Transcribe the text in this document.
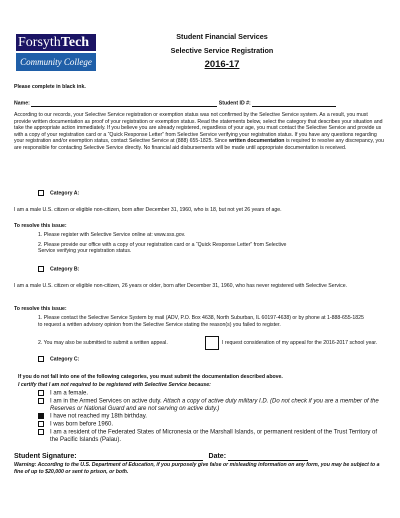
ForsythTech
Community College
Student Financial Services
Selective Service Registration
2016-17
Please complete in black ink.
Name:	Student ID #:
According to our records, your Selective Service registration or exemption status was not confirmed by the Selective Service system. As a result, you must provide written documentation as proof of your registration or exemption status. Read the statements below, select the category that describes your situation and take the appropriate action immediately. If you believe you are already registered, regardless of your age, you must contact the Selective Service and provide us with a copy of your registration card or a “Quick Response Letter” from Selective Service verifying your registration status. If you have any questions regarding your registration and/or exemption status, contact Selective Service at (888) 655-1825. Since written documentation is required to resolve any discrepancy, you are responsible for contacting Selective Service directly. No financial aid disbursements will be made until appropriate documentation is received.
Category A:
I am a male U.S. citizen or eligible non-citizen, born after December 31, 1960, who is 18, but not yet 26 years of age.
To resolve this issue:
1. Please register with Selective Service online at: www.sss.gov.
2. Please provide our office with a copy of your registration card or a “Quick Response Letter” from Selective
Service verifying your registration status.
Category B:
I am a male U.S. citizen or eligible non-citizen, 26 years or older, born after December 31, 1960, who has never registered with Selective Service.
To resolve this issue:
1. Please contact the Selective Service System by mail (ADV, P.O. Box 4638, North Suburban, IL 60197-4638) or by phone at 1-888-655-1825 to request a written advisory opinion from the Selective Service stating the reason(s) you failed to register.
2. You may also be submitted to submit a written appeal.	I request consideration of my appeal for the 2016-2017 school year.
Category C:
If you do not fall into one of the following categories, you must submit the documentation described above.
I certify that I am not required to be registered with Selective Service because:
I am a female.
I am in the Armed Services on active duty. Attach a copy of active duty military I.D. (Do not check if you are a member of the Reserves or National Guard and are not serving on active duty.)
I have not reached my 18th birthday.
I was born before 1960.
I am a resident of the Federated States of Micronesia or the Marshall Islands, or permanent resident of the Trust Territory of the Pacific Islands (Palau).
Student Signature:	Date:
Warning: According to the U.S. Department of Education, if you purposely give false or misleading information on any form, you may be subject to a fine of up to $20,000 or sent to prison, or both.
